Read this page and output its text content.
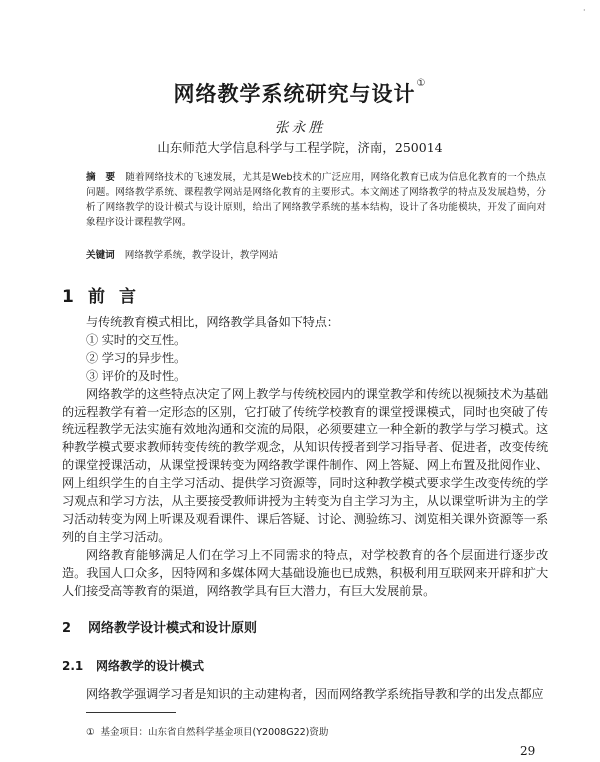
·
网络教学系统研究与设计①
张永胜
山东师范大学信息科学与工程学院，济南，250014
摘　要 随着网络技术的飞速发展，尤其是Web技术的广泛应用，网络化教育已成为信息化教育的一个热点问题。网络教学系统、课程教学网站是网络化教育的主要形式。本文阐述了网络教学的特点及发展趋势，分析了网络教学的设计模式与设计原则，给出了网络教学系统的基本结构，设计了各功能模块，开发了面向对象程序设计课程教学网。
关键词 网络教学系统，教学设计，教学网站
1 前言

与传统教育模式相比，网络教学具备如下特点：

① 实时的交互性。

② 学习的异步性。

③ 评价的及时性。

网络教学的这些特点决定了网上教学与传统校园内的课堂教学和传统以视频技术为基础的远程教学有着一定形态的区别，它打破了传统学校教育的课堂授课模式，同时也突破了传统远程教学无法实施有效地沟通和交流的局限，必须要建立一种全新的教学与学习模式。这种教学模式要求教师转变传统的教学观念，从知识传授者到学习指导者、促进者，改变传统的课堂授课活动，从课堂授课转变为网络教学课件制作、网上答疑、网上布置及批阅作业、网上组织学生的自主学习活动、提供学习资源等，同时这种教学模式要求学生改变传统的学习观点和学习方法，从主要接受教师讲授为主转变为自主学习为主，从以课堂听讲为主的学习活动转变为网上听课及观看课件、课后答疑、讨论、测验练习、浏览相关课外资源等一系列的自主学习活动。

网络教育能够满足人们在学习上不同需求的特点，对学校教育的各个层面进行逐步改造。我国人口众多，因特网和多媒体网大基础设施也已成熟，积极利用互联网来开辟和扩大人们接受高等教育的渠道，网络教学具有巨大潜力，有巨大发展前景。

2 网络教学设计模式和设计原则
2.1 网络教学的设计模式
网络教学强调学习者是知识的主动建构者，因而网络教学系统指导教和学的出发点都应
① 基金项目：山东省自然科学基金项目(Y2008G22)资助
29
